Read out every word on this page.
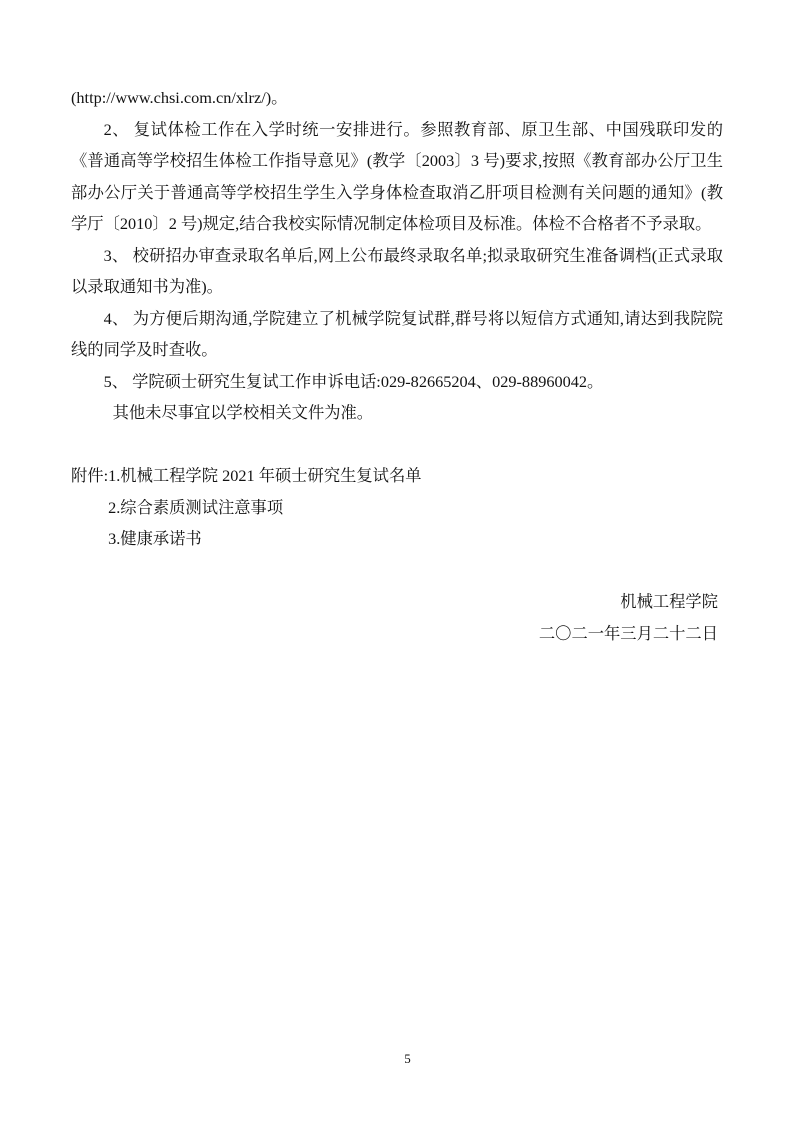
(http://www.chsi.com.cn/xlrz/)。

2、 复试体检工作在入学时统一安排进行。参照教育部、原卫生部、中国残联印发的《普通高等学校招生体检工作指导意见》(教学〔2003〕3 号)要求,按照《教育部办公厅卫生部办公厅关于普通高等学校招生学生入学身体检查取消乙肝项目检测有关问题的通知》(教学厅〔2010〕2 号)规定,结合我校实际情况制定体检项目及标准。体检不合格者不予录取。

3、 校研招办审查录取名单后,网上公布最终录取名单;拟录取研究生准备调档(正式录取以录取通知书为准)。

4、 为方便后期沟通,学院建立了机械学院复试群,群号将以短信方式通知,请达到我院院线的同学及时查收。

5、 学院硕士研究生复试工作申诉电话:029-82665204、029-88960042。

其他未尽事宜以学校相关文件为准。

附件: 1.机械工程学院 2021 年硕士研究生复试名单

2.综合素质测试注意事项

3.健康承诺书

机械工程学院

二〇二一年三月二十二日

5
